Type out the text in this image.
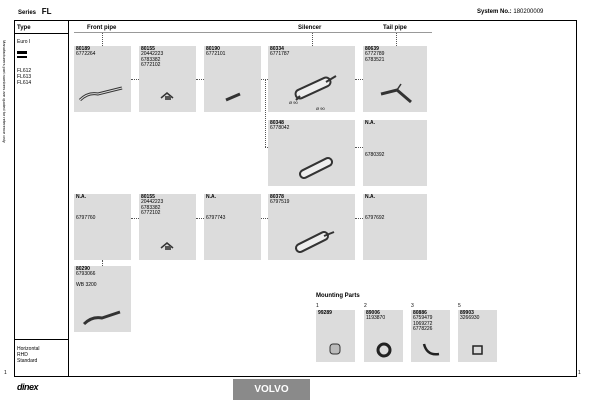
Series FL	System No.: 180200009
Manufacturers part numbers are quoted for reference only
Type
Euro I
FL612
FL613
FL614
Horizontal
RHD
Standard
Front pipe	Silencer	Tail pipe
80189
6772264
80155
20442223
6783382
6772102
80190
6772101
80334
6771787
Ø 90
Ø 90
80639
6772789
6783521
80348
6778042
N.A.

6780392
N.A.

6797760
80155
20442223
6783382
6772102
N.A.

6797743
80378
6797519
N.A.

6797692
80290
6793066

WB 3200
Mounting Parts
1
99289
2
89006
1193870
3
80886
6759479
1069272
6778226
5
89903
3266930
1	1
dinex	VOLVO
